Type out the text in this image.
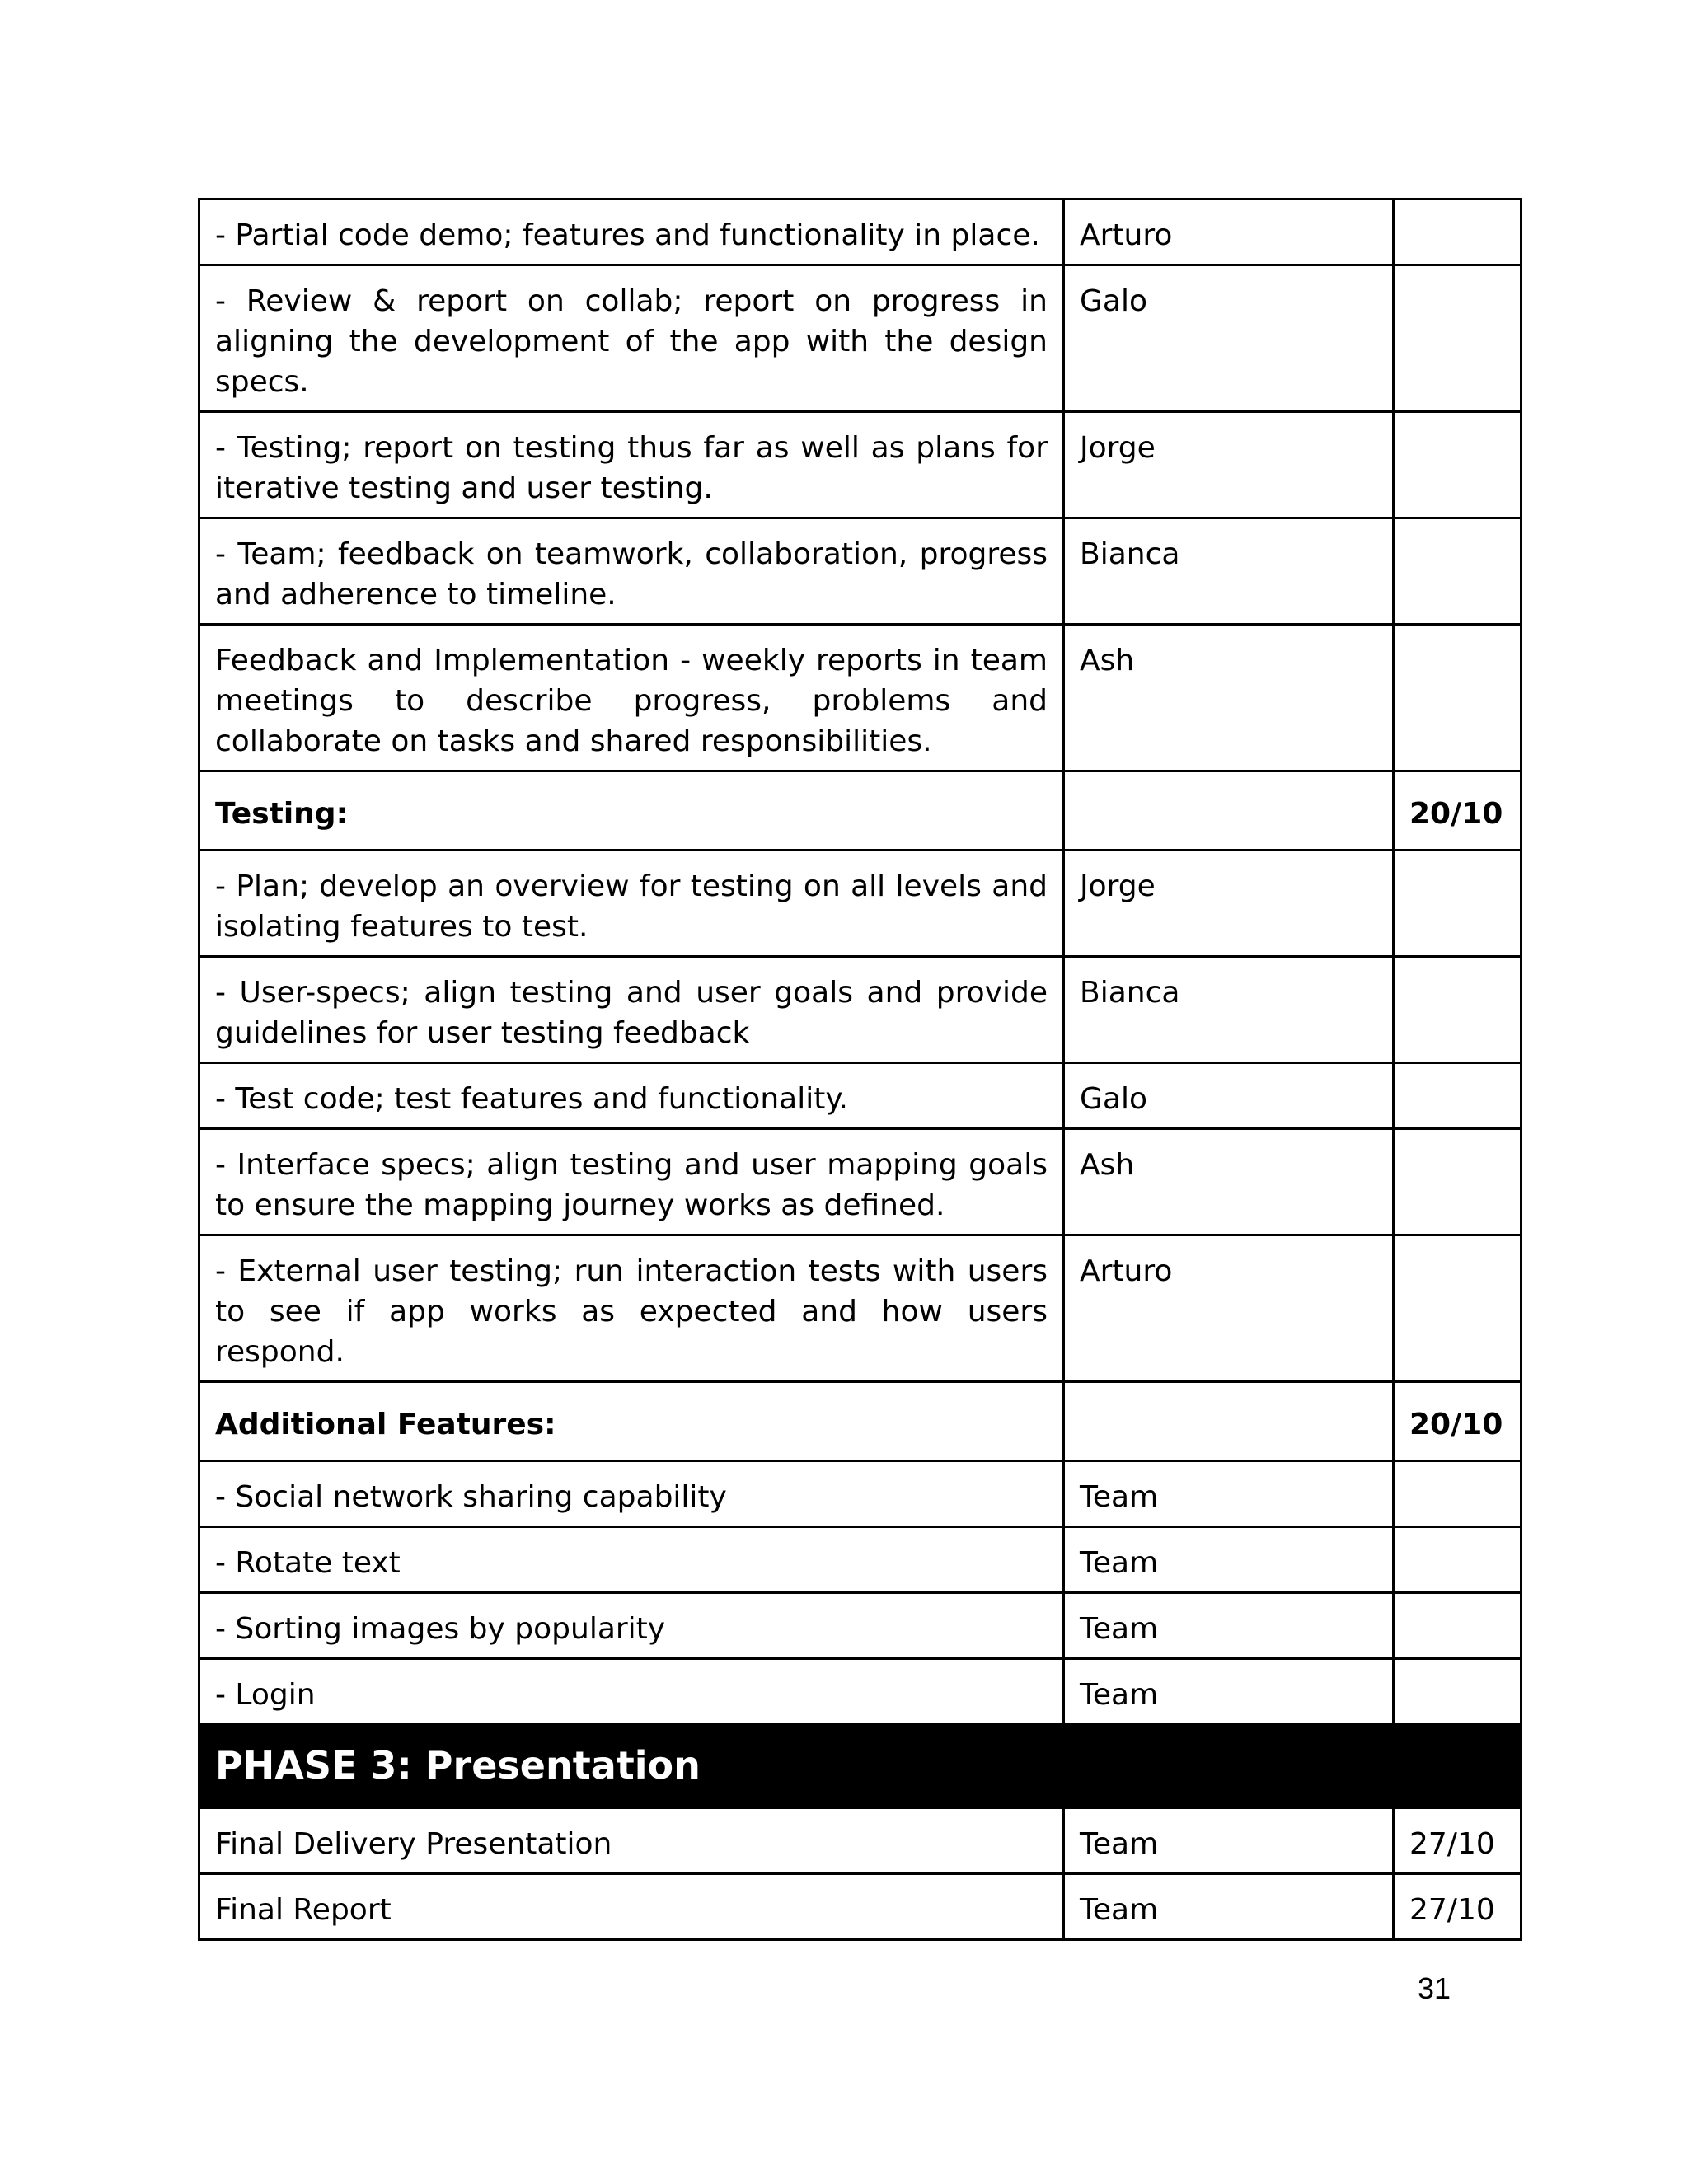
- Partial code demo; features and functionality in place.	Arturo	
- Review & report on collab; report on progress in aligning the development of the app with the design specs.	Galo	
- Testing; report on testing thus far as well as plans for iterative testing and user testing.	Jorge	
- Team; feedback on teamwork, collaboration, progress and adherence to timeline.	Bianca	
Feedback and Implementation - weekly reports in team meetings to describe progress, problems and collaborate on tasks and shared responsibilities.	Ash	
Testing:		20/10
- Plan; develop an overview for testing on all levels and isolating features to test.	Jorge	
- User-specs; align testing and user goals and provide guidelines for user testing feedback	Bianca	
- Test code; test features and functionality.	Galo	
- Interface specs; align testing and user mapping goals to ensure the mapping journey works as defined.	Ash	
- External user testing; run interaction tests with users to see if app works as expected and how users respond.	Arturo	
Additional Features:		20/10
- Social network sharing capability	Team	
- Rotate text	Team	
- Sorting images by popularity	Team	
- Login	Team	
PHASE 3: Presentation		
Final Delivery Presentation	Team	27/10
Final Report	Team	27/10
31
